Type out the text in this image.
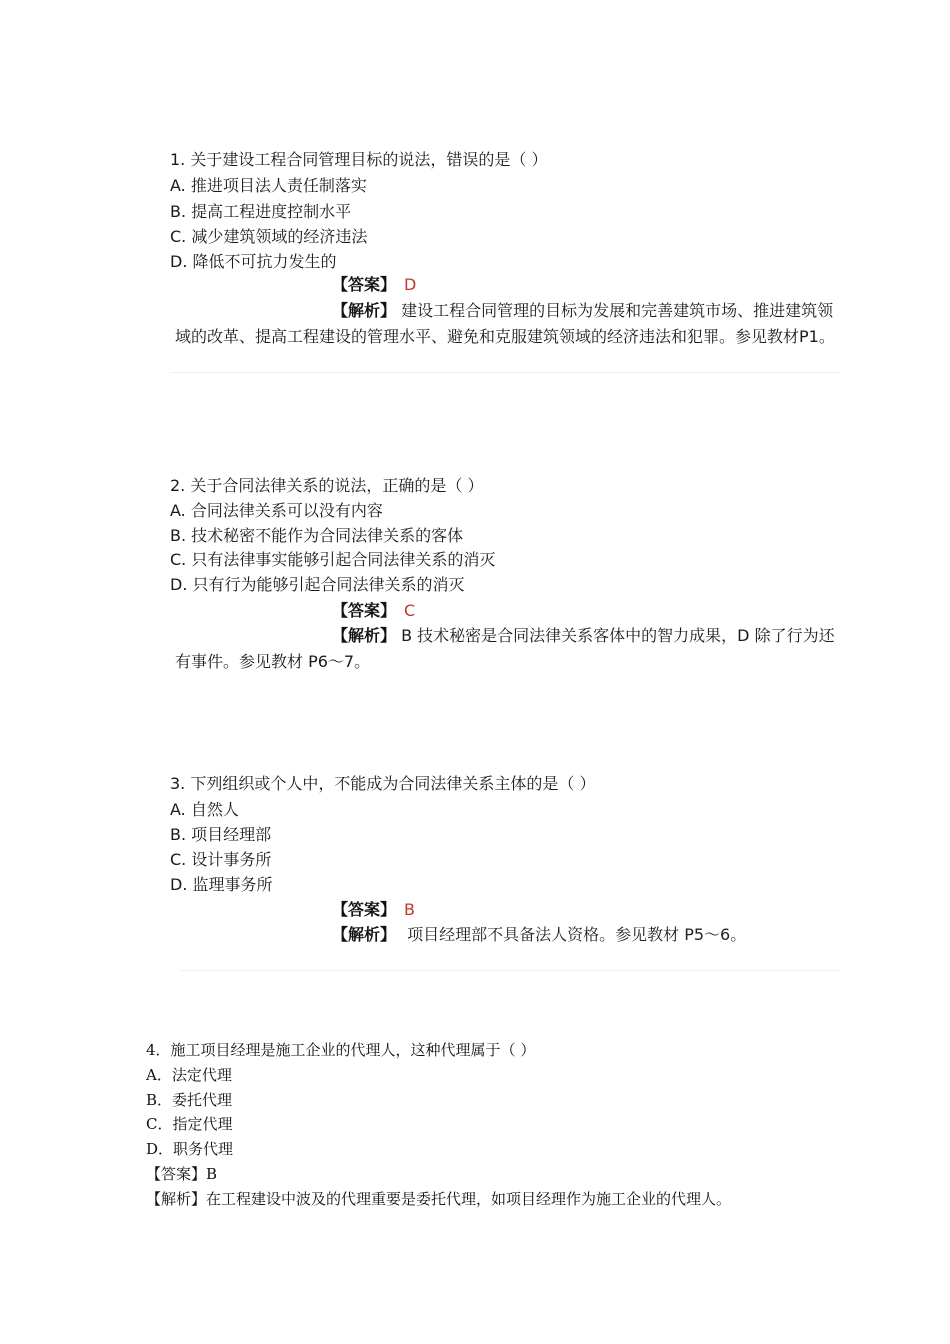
1. 关于建设工程合同管理目标的说法，错误的是（ ）
A. 推进项目法人责任制落实
B. 提高工程进度控制水平
C. 减少建筑领域的经济违法
D. 降低不可抗力发生的
【答案】 D
【解析】 建设工程合同管理的目标为发展和完善建筑市场、推进建筑领域的改革、提高工程建设的管理水平、避免和克服建筑领域的经济违法和犯罪。参见教材P1。
2. 关于合同法律关系的说法，正确的是（ ）
A. 合同法律关系可以没有内容
B. 技术秘密不能作为合同法律关系的客体
C. 只有法律事实能够引起合同法律关系的消灭
D. 只有行为能够引起合同法律关系的消灭
【答案】 C
【解析】 B 技术秘密是合同法律关系客体中的智力成果，D 除了行为还有事件。参见教材 P6～7。
3. 下列组织或个人中，不能成为合同法律关系主体的是（ ）
A. 自然人
B. 项目经理部
C. 设计事务所
D. 监理事务所
【答案】 B
【解析】 项目经理部不具备法人资格。参见教材 P5～6。
4．施工项目经理是施工企业的代理人，这种代理属于（ ）
A．法定代理
B．委托代理
C．指定代理
D．职务代理
【答案】B
【解析】在工程建设中波及的代理重要是委托代理，如项目经理作为施工企业的代理人。
